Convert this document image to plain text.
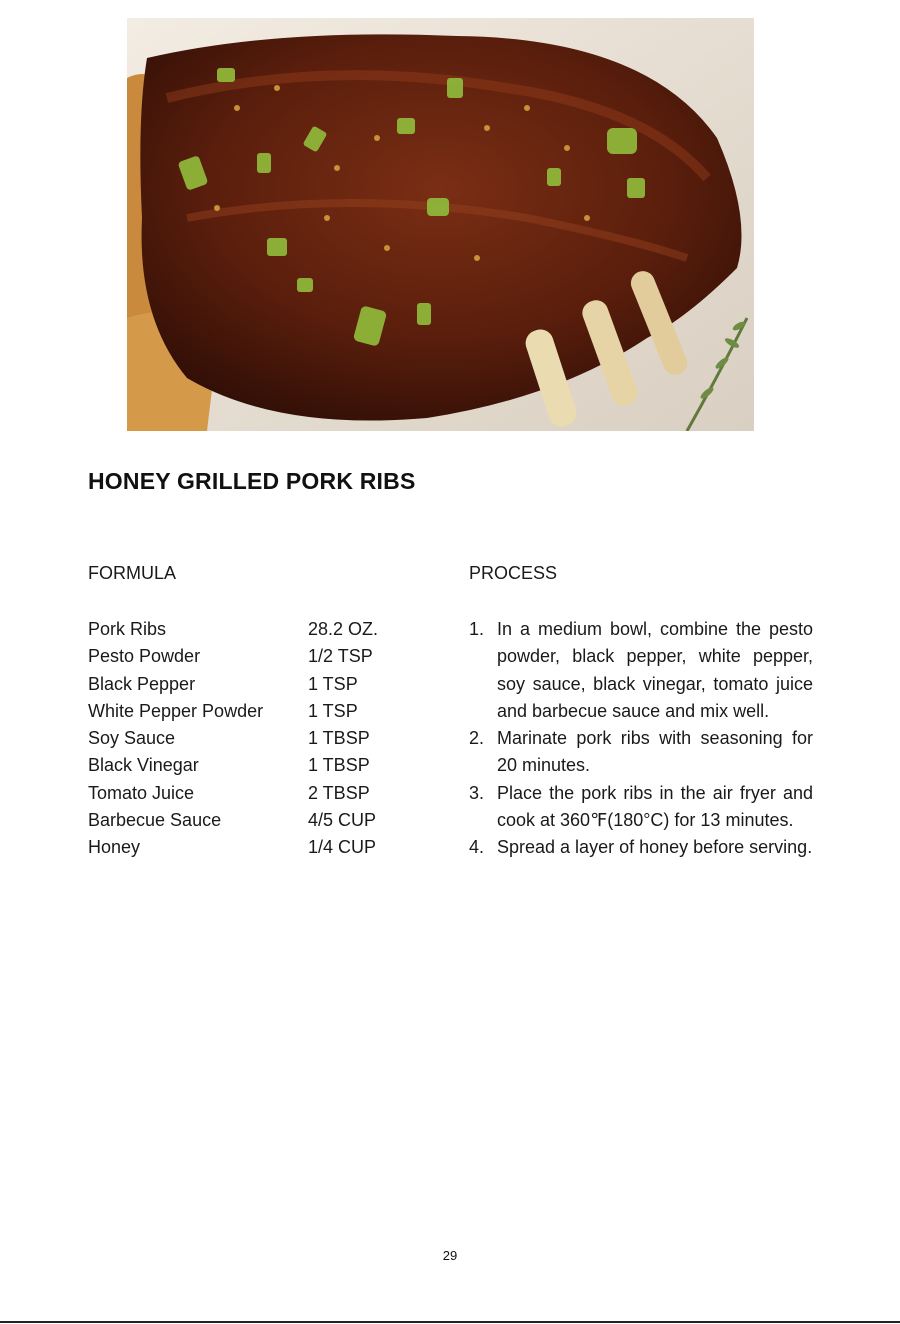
HONEY GRILLED PORK RIBS
FORMULA	PROCESS
Pork Ribs	28.2 OZ.
Pesto Powder	1/2 TSP
Black Pepper	1 TSP
White Pepper Powder	1 TSP
Soy Sauce	1 TBSP
Black Vinegar	1 TBSP
Tomato Juice	2 TBSP
Barbecue Sauce	4/5 CUP
Honey	1/4 CUP
1. In a medium bowl, combine the pesto powder, black pepper, white pepper, soy sauce, black vinegar, tomato juice and barbecue sauce and mix well.
2. Marinate pork ribs with seasoning for 20 minutes.
3. Place the pork ribs in the air fryer and cook at 360℉(180°C) for 13 minutes.
4. Spread a layer of honey before serving.
29
